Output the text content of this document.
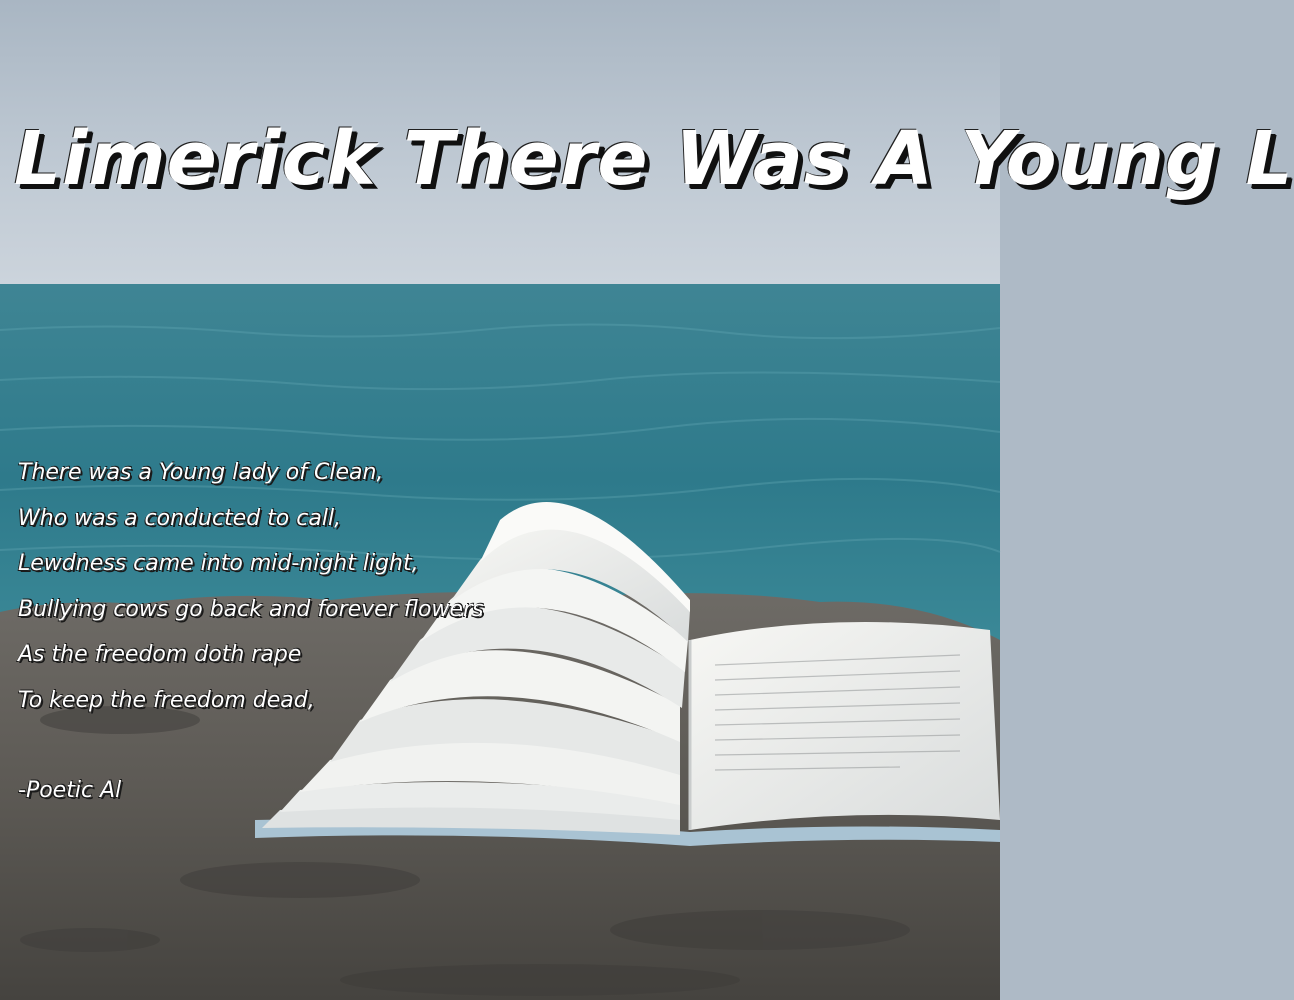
Limerick There Was A Young L
There was a Young lady of Clean,
Who was a conducted to call,
Lewdness came into mid-night light,
Bullying cows go back and forever flowers
As the freedom doth rape
To keep the freedom dead,
-Poetic Al
